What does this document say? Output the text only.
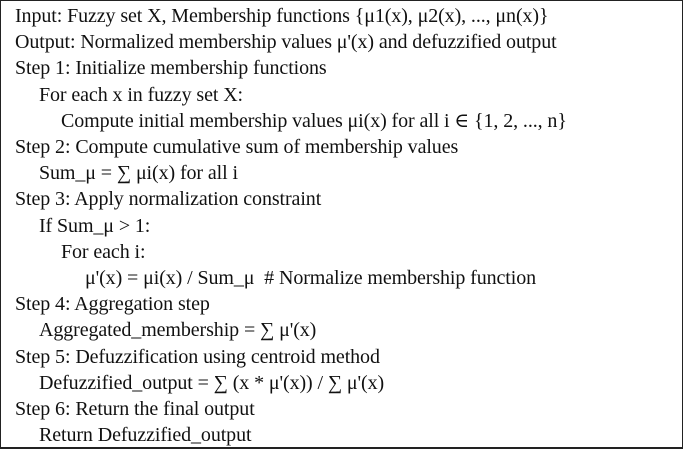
Input: Fuzzy set X, Membership functions {μ1(x), μ2(x), ..., μn(x)}
Output: Normalized membership values μ'(x) and defuzzified output
Step 1: Initialize membership functions
For each x in fuzzy set X:
Compute initial membership values μi(x) for all i ∈ {1, 2, ..., n}
Step 2: Compute cumulative sum of membership values
Sum_μ = ∑ μi(x) for all i
Step 3: Apply normalization constraint
If Sum_μ > 1:
For each i:
μ'(x) = μi(x) / Sum_μ  # Normalize membership function
Step 4: Aggregation step
Aggregated_membership = ∑ μ'(x)
Step 5: Defuzzification using centroid method
Defuzzified_output = ∑ (x * μ'(x)) / ∑ μ'(x)
Step 6: Return the final output
Return Defuzzified_output
